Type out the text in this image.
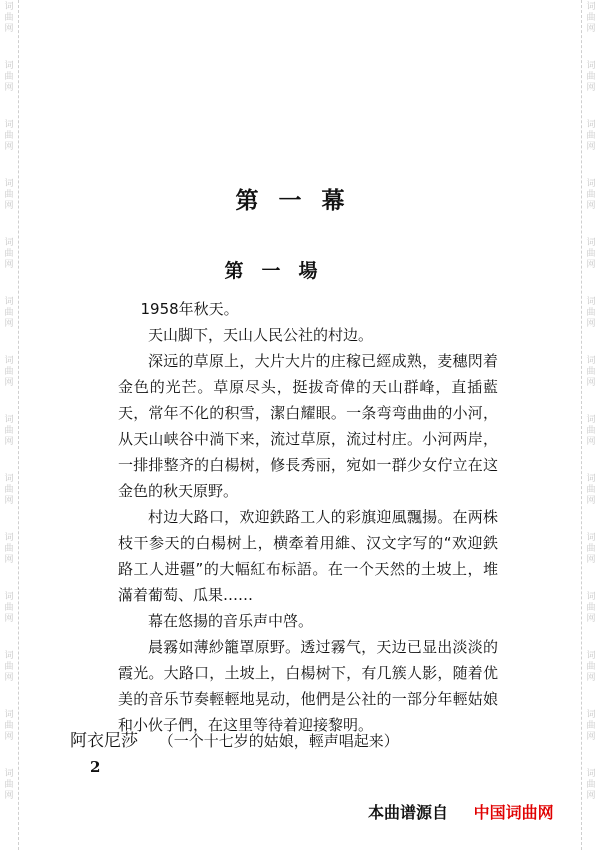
词曲网
词曲网
词曲网
词曲网
词曲网
词曲网
词曲网
词曲网
词曲网
词曲网
词曲网
词曲网
词曲网
词曲网
词曲网
词曲网
词曲网
词曲网
词曲网
词曲网
词曲网
词曲网
词曲网
词曲网
词曲网
词曲网
词曲网
词曲网
第一幕
第一場

1958年秋天。

天山脚下，天山人民公社的村边。

深远的草原上，大片大片的庄稼已經成熟，麦穗閃着金色的光芒。草原尽头，挺拔奇偉的天山群峰，直插藍天，常年不化的积雪，潔白耀眼。一条弯弯曲曲的小河，从天山峡谷中淌下来，流过草原，流过村庄。小河两岸，一排排整齐的白楊树，修長秀丽，宛如一群少女佇立在这金色的秋天原野。

村边大路口，欢迎鉄路工人的彩旗迎風飄揚。在两株枝干参天的白楊树上，横牽着用維、汉文字写的“欢迎鉄路工人进疆”的大幅紅布标語。在一个天然的土坡上，堆滿着葡萄、瓜果……

幕在悠揚的音乐声中啓。

晨霧如薄紗籠罩原野。透过霧气，天边已显出淡淡的霞光。大路口，土坡上，白楊树下，有几簇人影，随着优美的音乐节奏輕輕地晃动，他們是公社的一部分年輕姑娘和小伙子們，在这里等待着迎接黎明。

阿衣尼莎 （一个十七岁的姑娘，輕声唱起来）
2
本曲谱源自 中国词曲网
